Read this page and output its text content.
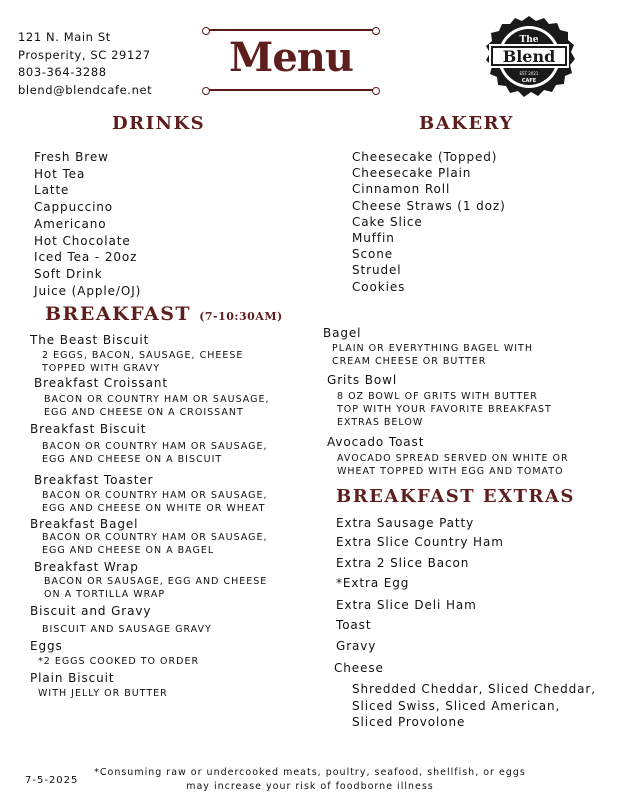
121 N. Main St
Prosperity, SC 29127
803-364-3288
blend@blendcafe.net
Menu	The
Blend
EST 2021
CAFE
DRINKS
Fresh Brew
Hot Tea
Latte
Cappuccino
Americano
Hot Chocolate
Iced Tea - 20oz
Soft Drink
Juice (Apple/OJ)
BAKERY
Cheesecake (Topped)
Cheesecake Plain
Cinnamon Roll
Cheese Straws (1 doz)
Cake Slice
Muffin
Scone
Strudel
Cookies
BREAKFAST (7-10:30AM)
The Beast Biscuit
2 EGGS, BACON, SAUSAGE, CHEESE
TOPPED WITH GRAVY
Breakfast Croissant
BACON OR COUNTRY HAM OR SAUSAGE,
EGG AND CHEESE ON A CROISSANT
Breakfast Biscuit
BACON OR COUNTRY HAM OR SAUSAGE,
EGG AND CHEESE ON A BISCUIT
Breakfast Toaster
BACON OR COUNTRY HAM OR SAUSAGE,
EGG AND CHEESE ON WHITE OR WHEAT
Breakfast Bagel
BACON OR COUNTRY HAM OR SAUSAGE,
EGG AND CHEESE ON A BAGEL
Breakfast Wrap
BACON OR SAUSAGE, EGG AND CHEESE
ON A TORTILLA WRAP
Biscuit and Gravy
BISCUIT AND SAUSAGE GRAVY
Eggs
*2 EGGS COOKED TO ORDER
Plain Biscuit
WITH JELLY OR BUTTER
Bagel
PLAIN OR EVERYTHING BAGEL WITH
CREAM CHEESE OR BUTTER
Grits Bowl
8 OZ BOWL OF GRITS WITH BUTTER
TOP WITH YOUR FAVORITE BREAKFAST
EXTRAS BELOW
Avocado Toast
AVOCADO SPREAD SERVED ON WHITE OR
WHEAT TOPPED WITH EGG AND TOMATO
BREAKFAST EXTRAS
Extra Sausage Patty
Extra Slice Country Ham
Extra 2 Slice Bacon
*Extra Egg
Extra Slice Deli Ham
Toast
Gravy
Cheese
Shredded Cheddar, Sliced Cheddar,
Sliced Swiss, Sliced American,
Sliced Provolone
7-5-2025
*Consuming raw or undercooked meats, poultry, seafood, shellfish, or eggs
may increase your risk of foodborne illness
